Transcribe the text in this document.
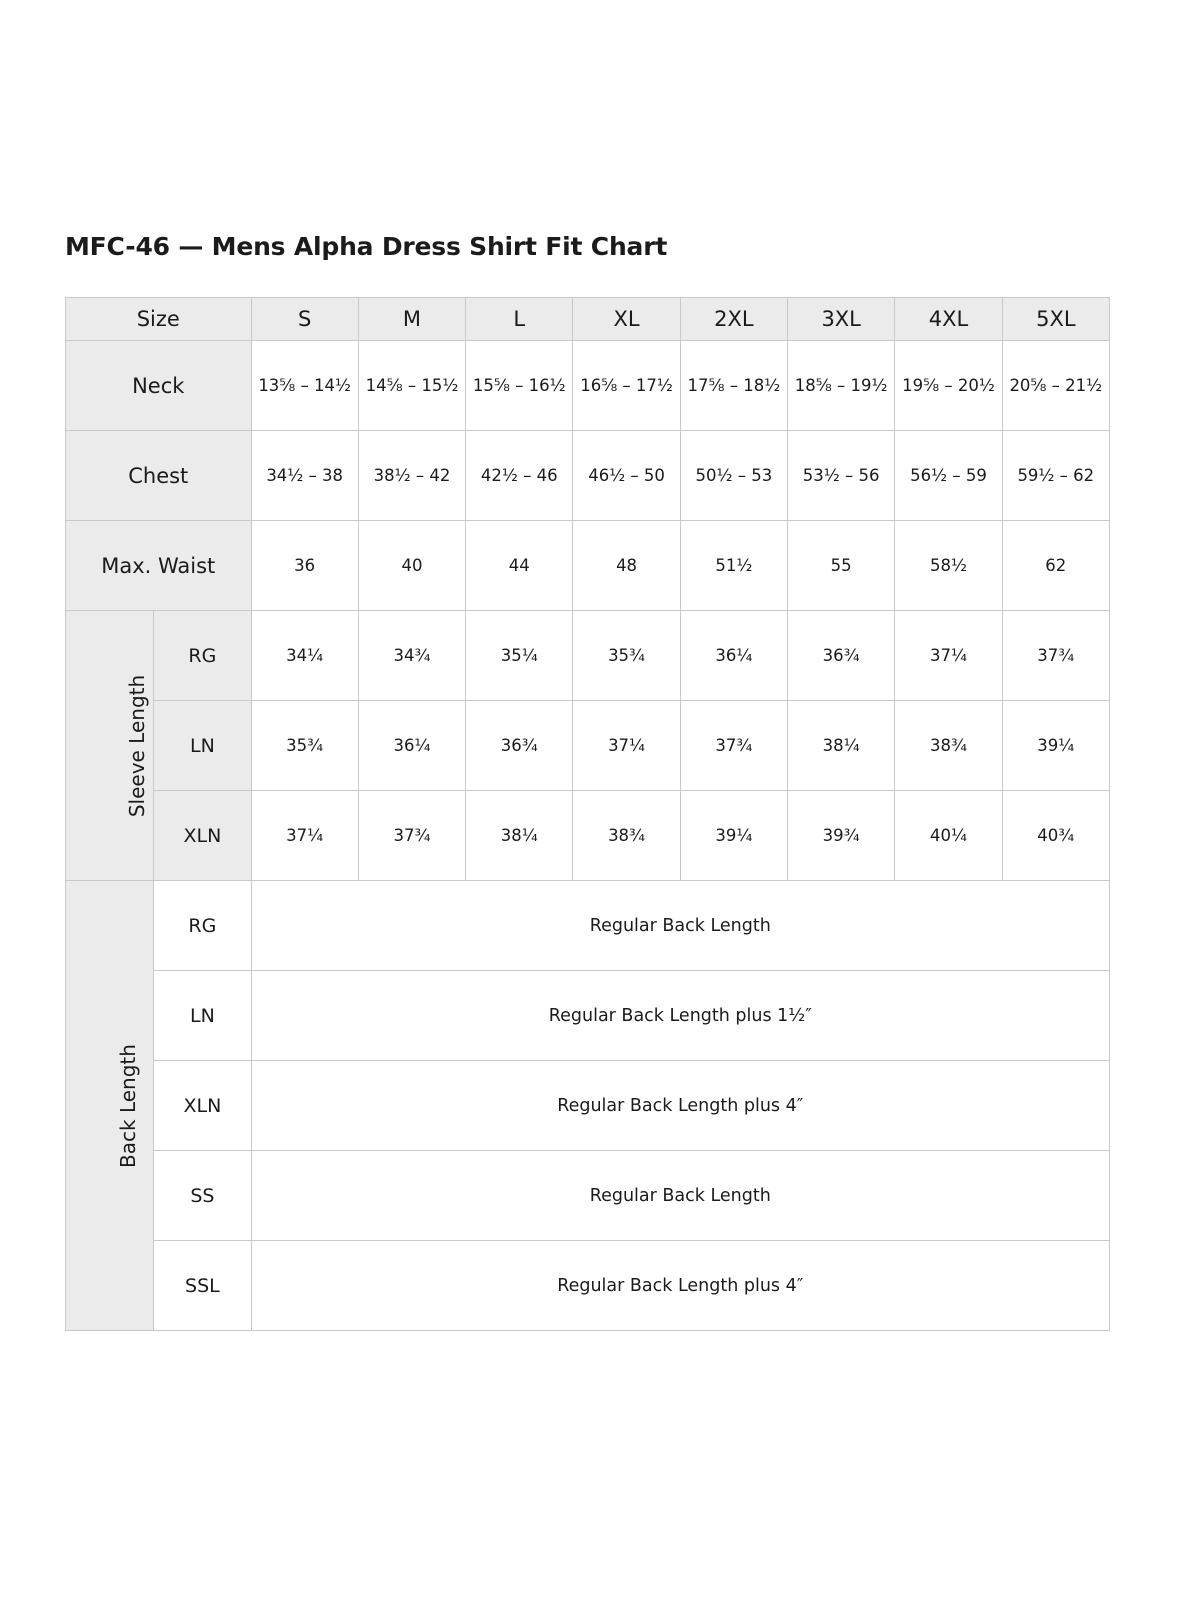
MFC-46 — Mens Alpha Dress Shirt Fit Chart
Size		S	M	L	XL	2XL	3XL	4XL	5XL
Neck		13⅝ – 14½	14⅝ – 15½	15⅝ – 16½	16⅝ – 17½	17⅝ – 18½	18⅝ – 19½	19⅝ – 20½	20⅝ – 21½
Chest		34½ – 38	38½ – 42	42½ – 46	46½ – 50	50½ – 53	53½ – 56	56½ – 59	59½ – 62
Max. Waist		36	40	44	48	51½	55	58½	62
Sleeve Length	RG	34¼	34¾	35¼	35¾	36¼	36¾	37¼	37¾
	LN	35¾	36¼	36¾	37¼	37¾	38¼	38¾	39¼
	XLN	37¼	37¾	38¼	38¾	39¼	39¾	40¼	40¾
Back Length	RG	Regular Back Length							
	LN	Regular Back Length plus 1½″							
	XLN	Regular Back Length plus 4″							
	SS	Regular Back Length							
	SSL	Regular Back Length plus 4″							
